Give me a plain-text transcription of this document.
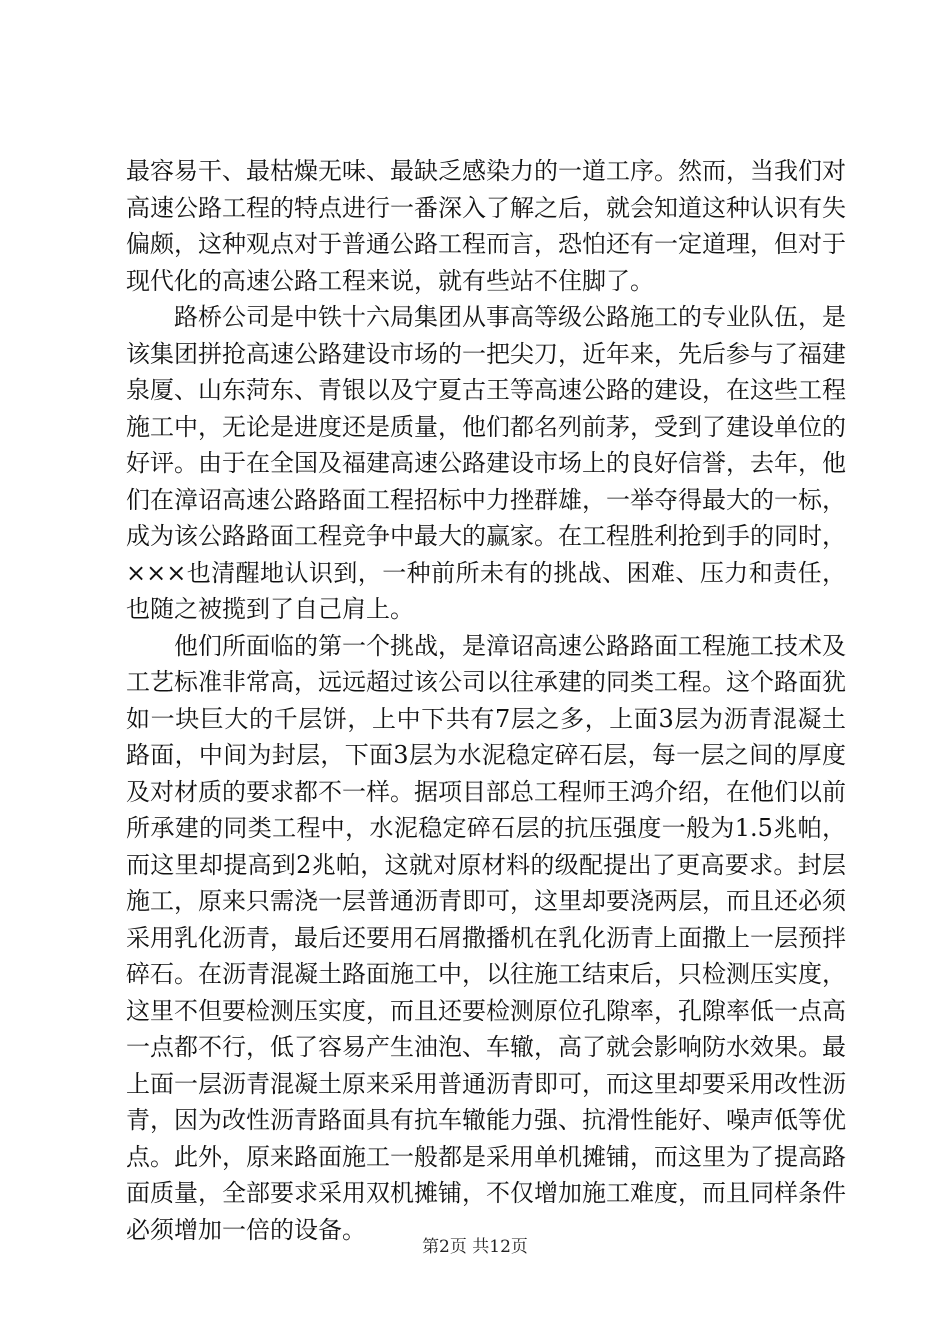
最容易干、最枯燥无味、最缺乏感染力的一道工序。然而，当我们对高速公路工程的特点进行一番深入了解之后，就会知道这种认识有失偏颇，这种观点对于普通公路工程而言，恐怕还有一定道理，但对于现代化的高速公路工程来说，就有些站不住脚了。

路桥公司是中铁十六局集团从事高等级公路施工的专业队伍，是该集团拼抢高速公路建设市场的一把尖刀，近年来，先后参与了福建泉厦、山东菏东、青银以及宁夏古王等高速公路的建设，在这些工程施工中，无论是进度还是质量，他们都名列前茅，受到了建设单位的好评。由于在全国及福建高速公路建设市场上的良好信誉，去年，他们在漳诏高速公路路面工程招标中力挫群雄，一举夺得最大的一标，成为该公路路面工程竞争中最大的赢家。在工程胜利抢到手的同时，×××也清醒地认识到，一种前所未有的挑战、困难、压力和责任，也随之被揽到了自己肩上。

他们所面临的第一个挑战，是漳诏高速公路路面工程施工技术及工艺标准非常高，远远超过该公司以往承建的同类工程。这个路面犹如一块巨大的千层饼，上中下共有7层之多，上面3层为沥青混凝土路面，中间为封层，下面3层为水泥稳定碎石层，每一层之间的厚度及对材质的要求都不一样。据项目部总工程师王鸿介绍，在他们以前所承建的同类工程中，水泥稳定碎石层的抗压强度一般为1.5兆帕，而这里却提高到2兆帕，这就对原材料的级配提出了更高要求。封层施工，原来只需浇一层普通沥青即可，这里却要浇两层，而且还必须采用乳化沥青，最后还要用石屑撒播机在乳化沥青上面撒上一层预拌碎石。在沥青混凝土路面施工中，以往施工结束后，只检测压实度，这里不但要检测压实度，而且还要检测原位孔隙率，孔隙率低一点高一点都不行，低了容易产生油泡、车辙，高了就会影响防水效果。最上面一层沥青混凝土原来采用普通沥青即可，而这里却要采用改性沥青，因为改性沥青路面具有抗车辙能力强、抗滑性能好、噪声低等优点。此外，原来路面施工一般都是采用单机摊铺，而这里为了提高路面质量，全部要求采用双机摊铺，不仅增加施工难度，而且同样条件必须增加一倍的设备。

第2页 共12页
